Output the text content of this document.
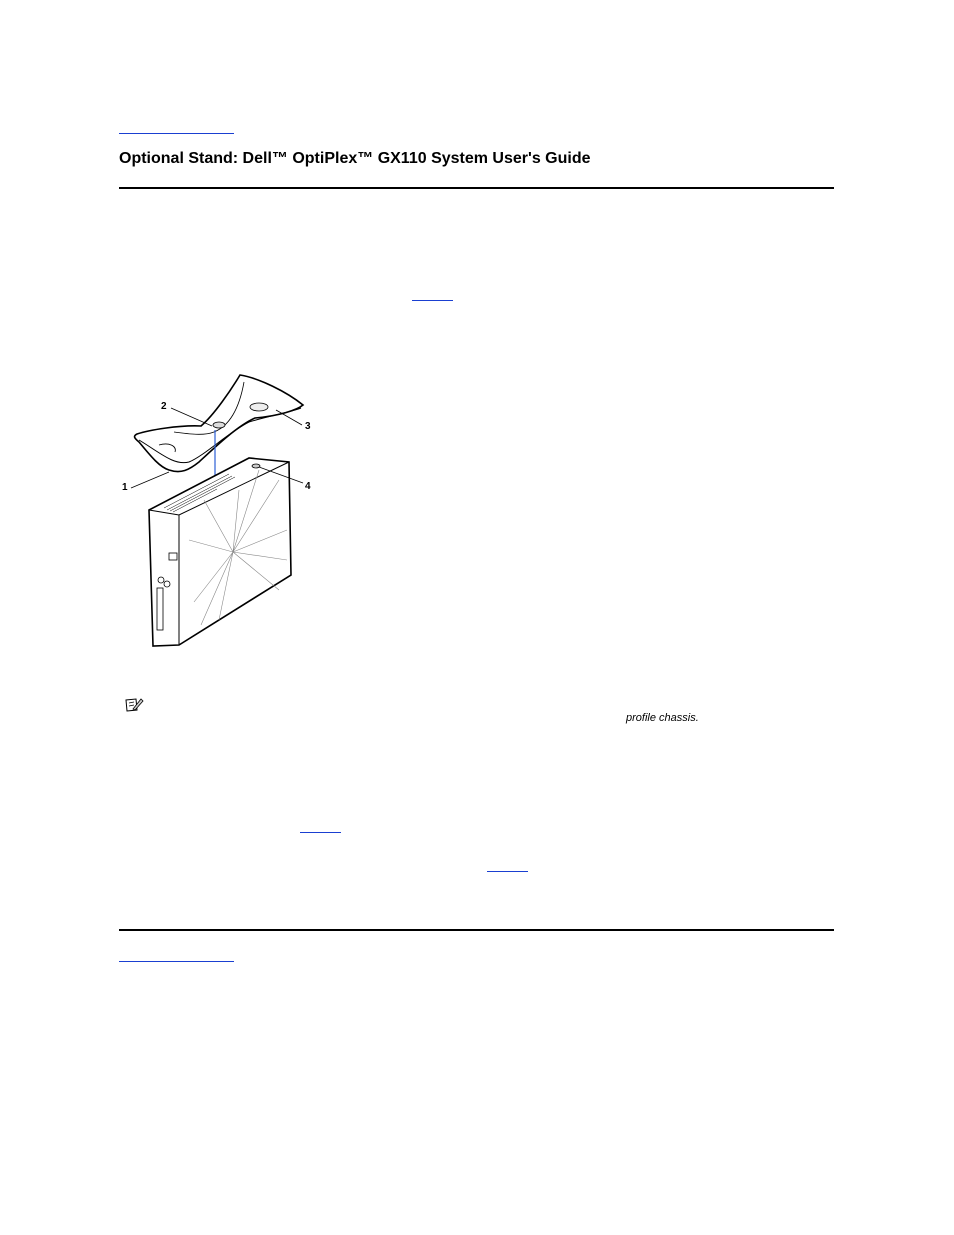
Optional Stand: Dell™ OptiPlex™ GX110 System User's Guide
1
2
3
4
profile chassis.
